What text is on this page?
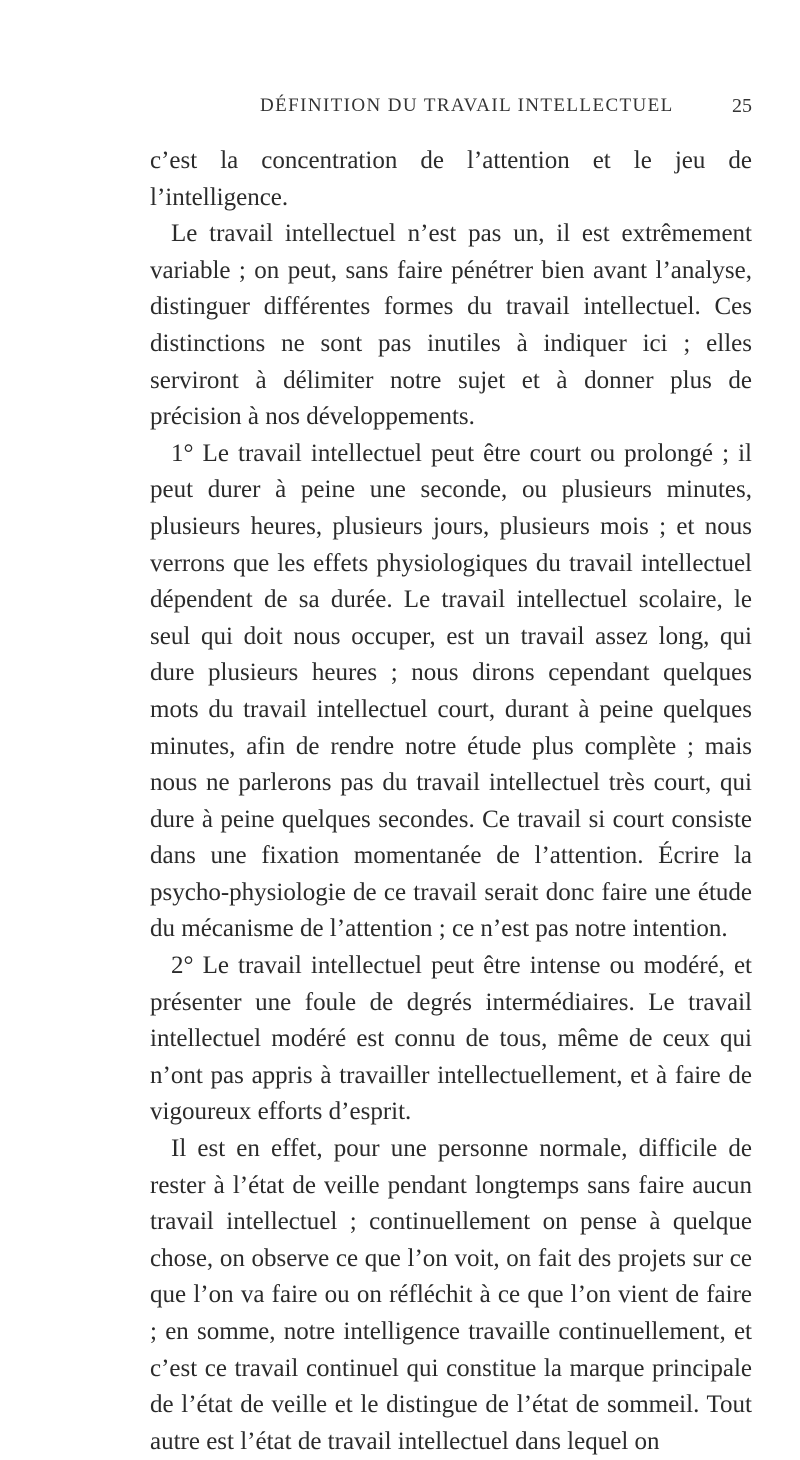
DÉFINITION DU TRAVAIL INTELLECTUEL	25

c’est la concentration de l’attention et le jeu de l’intelligence.

Le travail intellectuel n’est pas un, il est extrêmement variable ; on peut, sans faire pénétrer bien avant l’analyse, distinguer différentes formes du travail intellectuel. Ces distinctions ne sont pas inutiles à indiquer ici ; elles serviront à délimiter notre sujet et à donner plus de précision à nos développements.

1° Le travail intellectuel peut être court ou prolongé ; il peut durer à peine une seconde, ou plusieurs minutes, plusieurs heures, plusieurs jours, plusieurs mois ; et nous verrons que les effets physiologiques du travail intellectuel dépendent de sa durée. Le travail intellectuel scolaire, le seul qui doit nous occuper, est un travail assez long, qui dure plusieurs heures ; nous dirons cependant quelques mots du travail intellectuel court, durant à peine quelques minutes, afin de rendre notre étude plus complète ; mais nous ne parlerons pas du travail intellectuel très court, qui dure à peine quelques secondes. Ce travail si court consiste dans une fixation momentanée de l’attention. Écrire la psycho-physiologie de ce travail serait donc faire une étude du mécanisme de l’attention ; ce n’est pas notre intention.

2° Le travail intellectuel peut être intense ou modéré, et présenter une foule de degrés intermédiaires. Le travail intellectuel modéré est connu de tous, même de ceux qui n’ont pas appris à travailler intellectuellement, et à faire de vigoureux efforts d’esprit.

Il est en effet, pour une personne normale, difficile de rester à l’état de veille pendant longtemps sans faire aucun travail intellectuel ; continuellement on pense à quelque chose, on observe ce que l’on voit, on fait des projets sur ce que l’on va faire ou on réfléchit à ce que l’on vient de faire ; en somme, notre intelligence travaille continuellement, et c’est ce travail continuel qui constitue la marque principale de l’état de veille et le distingue de l’état de sommeil. Tout autre est l’état de travail intellectuel dans lequel on
